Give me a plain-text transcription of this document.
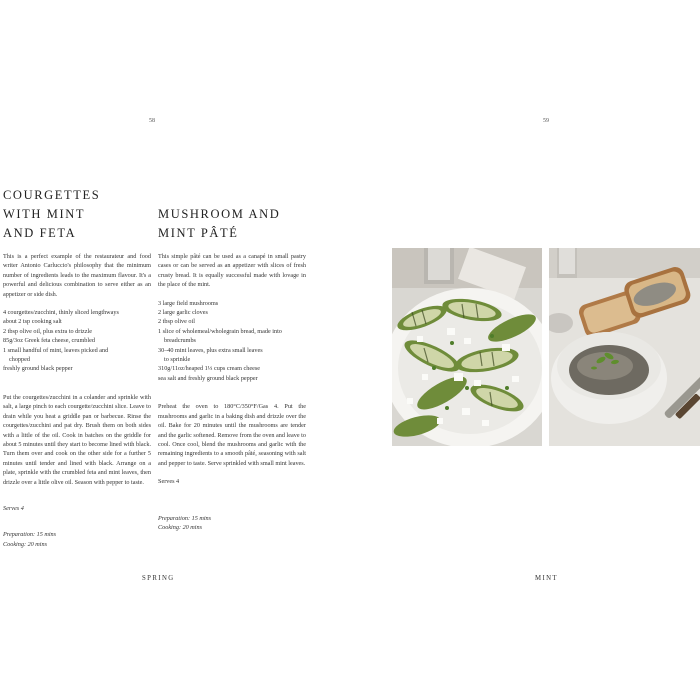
58
COURGETTES
WITH MINT
AND FETA

This is a perfect example of the restaurateur and food writer Antonio Carluccio's philosophy that the minimum number of ingredients leads to the maximum flavour. It's a powerful and delicious combination to serve either as an appetizer or side dish.

4 courgettes/zucchini, thinly sliced lengthways
about 2 tsp cooking salt
2 tbsp olive oil, plus extra to drizzle
85g/3oz Greek feta cheese, crumbled
1 small handful of mint, leaves picked and
chopped
freshly ground black pepper

Put the courgettes/zucchini in a colander and sprinkle with salt, a large pinch to each courgette/zucchini slice. Leave to drain while you heat a griddle pan or barbecue. Rinse the courgettes/zucchini and pat dry. Brush them on both sides with a little of the oil. Cook in batches on the griddle for about 5 minutes until they start to become lined with black. Turn them over and cook on the other side for a further 5 minutes until tender and lined with black. Arrange on a plate, sprinkle with the crumbled feta and mint leaves, then drizzle over a little olive oil. Season with pepper to taste.

Serves 4

Preparation: 15 mins

Cooking: 20 mins

MUSHROOM AND
MINT PÂTÉ

This simple pâté can be used as a canapé in small pastry cases or can be served as an appetizer with slices of fresh crusty bread. It is equally successful made with lovage in the place of the mint.

3 large field mushrooms
2 large garlic cloves
2 tbsp olive oil
1 slice of wholemeal/wholegrain bread, made into
breadcrumbs
30–40 mint leaves, plus extra small leaves
to sprinkle
310g/11oz/heaped 1⅓ cups cream cheese
sea salt and freshly ground black pepper

Preheat the oven to 180°C/350°F/Gas 4. Put the mushrooms and garlic in a baking dish and drizzle over the oil. Bake for 20 minutes until the mushrooms are tender and the garlic softened. Remove from the oven and leave to cool. Once cool, blend the mushrooms and garlic with the remaining ingredients to a smooth pâté, seasoning with salt and pepper to taste. Serve sprinkled with small mint leaves.

Serves 4

Preparation: 15 mins

Cooking: 20 mins

SPRING
59
MINT
